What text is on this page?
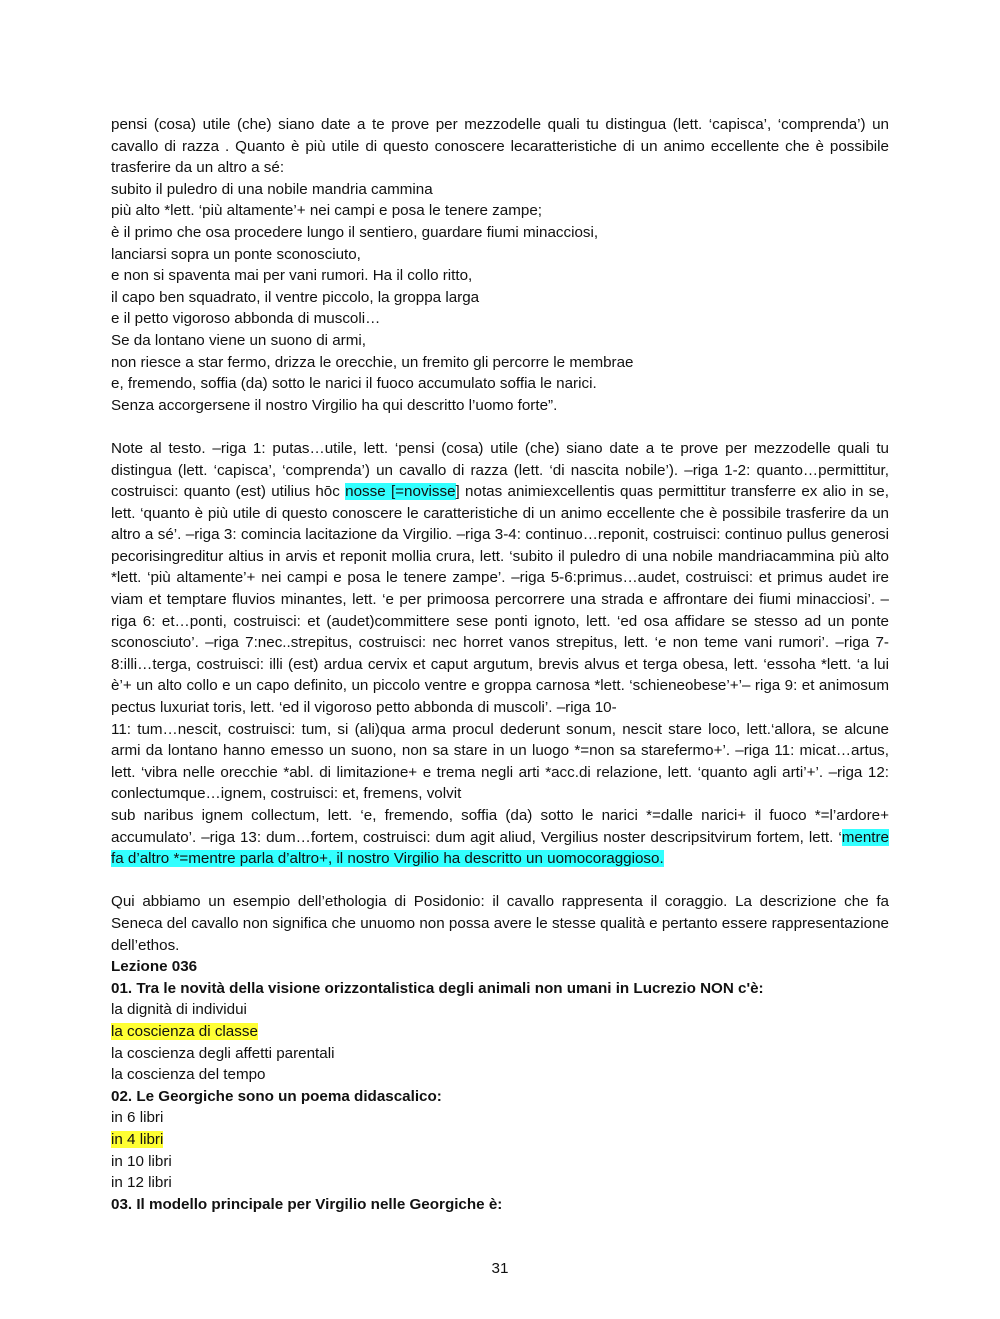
pensi (cosa) utile (che) siano date a te prove per mezzodelle quali tu distingua (lett. ‘capisca’, ‘comprenda’) un cavallo di razza . Quanto è più utile di questo conoscere lecaratteristiche di un animo eccellente che è possibile trasferire da un altro a sé:
subito il puledro di una nobile mandria cammina
più alto *lett. ‘più altamente’+ nei campi e posa le tenere zampe;
è il primo che osa procedere lungo il sentiero, guardare fiumi minacciosi,
lanciarsi sopra un ponte sconosciuto,
e non si spaventa mai per vani rumori. Ha il collo ritto,
il capo ben squadrato, il ventre piccolo, la groppa larga
e il petto vigoroso abbonda di muscoli…
Se da lontano viene un suono di armi,
non riesce a star fermo, drizza le orecchie, un fremito gli percorre le membrae
e, fremendo, soffia (da) sotto le narici il fuoco accumulato soffia le narici.
Senza accorgersene il nostro Virgilio ha qui descritto l’uomo forte”.
Note al testo. –riga 1: putas…utile, lett. ‘pensi (cosa) utile (che) siano date a te prove per mezzodelle quali tu distingua (lett. ‘capisca’, ‘comprenda’) un cavallo di razza (lett. ‘di nascita nobile’). –riga 1-2: quanto…permittitur, costruisci: quanto (est) utilius hōc nosse [=novisse] notas animiexcellentis quas permittitur transferre ex alio in se, lett. ‘quanto è più utile di questo conoscere le caratteristiche di un animo eccellente che è possibile trasferire da un altro a sé’. –riga 3: comincia lacitazione da Virgilio. –riga 3-4: continuo…reponit, costruisci: continuo pullus generosi pecorisingreditur altius in arvis et reponit mollia crura, lett. ‘subito il puledro di una nobile mandriacammina più alto *lett. ‘più altamente’+ nei campi e posa le tenere zampe’. –riga 5-6:primus…audet, costruisci: et primus audet ire viam et temptare fluvios minantes, lett. ‘e per primoosa percorrere una strada e affrontare dei fiumi minacciosi’. –riga 6: et…ponti, costruisci: et (audet)committere sese ponti ignoto, lett. ‘ed osa affidare se stesso ad un ponte sconosciuto’. –riga 7:nec..strepitus, costruisci: nec horret vanos strepitus, lett. ‘e non teme vani rumori’. –riga 7-8:illi…terga, costruisci: illi (est) ardua cervix et caput argutum, brevis alvus et terga obesa, lett. ‘essoha *lett. ‘a lui è’+ un alto collo e un capo definito, un piccolo ventre e groppa carnosa *lett. ‘schieneobese’+’– riga 9: et animosum pectus luxuriat toris, lett. ‘ed il vigoroso petto abbonda di muscoli’. –riga 10-
11: tum…nescit, costruisci: tum, si (ali)qua arma procul dederunt sonum, nescit stare loco, lett.‘allora, se alcune armi da lontano hanno emesso un suono, non sa stare in un luogo *=non sa starefermo+’. –riga 11: micat…artus, lett. ‘vibra nelle orecchie *abl. di limitazione+ e trema negli arti *acc.di relazione, lett. ‘quanto agli arti’+’. –riga 12: conlectumque…ignem, costruisci: et, fremens, volvit
sub naribus ignem collectum, lett. ‘e, fremendo, soffia (da) sotto le narici *=dalle narici+ il fuoco *=l’ardore+ accumulato’. –riga 13: dum…fortem, costruisci: dum agit aliud, Vergilius noster descripsitvirum fortem, lett. ‘mentre fa d’altro *=mentre parla d’altro+, il nostro Virgilio ha descritto un uomocoraggioso.
Qui abbiamo un esempio dell’ethologia di Posidonio: il cavallo rappresenta il coraggio. La descrizione che fa Seneca del cavallo non significa che unuomo non possa avere le stesse qualità e pertanto essere rappresentazione dell’ethos.
Lezione 036
01. Tra le novità della visione orizzontalistica degli animali non umani in Lucrezio NON c'è:
la dignità di individui
la coscienza di classe
la coscienza degli affetti parentali
la coscienza del tempo
02. Le Georgiche sono un poema didascalico:
in 6 libri
in 4 libri
in 10 libri
in 12 libri
03. Il modello principale per Virgilio nelle Georgiche è:
31
